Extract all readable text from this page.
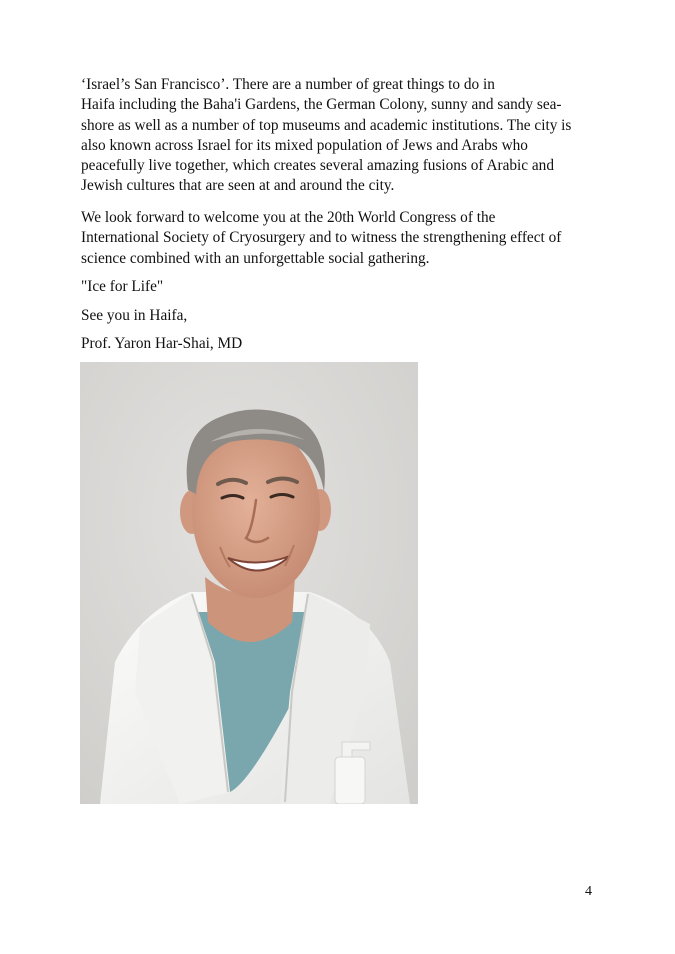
‘Israel’s San Francisco’. There are a number of great things to do in
Haifa including the Baha'i Gardens, the German Colony, sunny and sandy sea-
shore as well as a number of top museums and academic institutions. The city is
also known across Israel for its mixed population of Jews and Arabs who
peacefully live together, which creates several amazing fusions of Arabic and
Jewish cultures that are seen at and around the city.
We look forward to welcome you at the 20th World Congress of the
International Society of Cryosurgery and to witness the strengthening effect of
science combined with an unforgettable social gathering.

"Ice for Life"

See you in Haifa,

Prof. Yaron Har-Shai, MD

4
